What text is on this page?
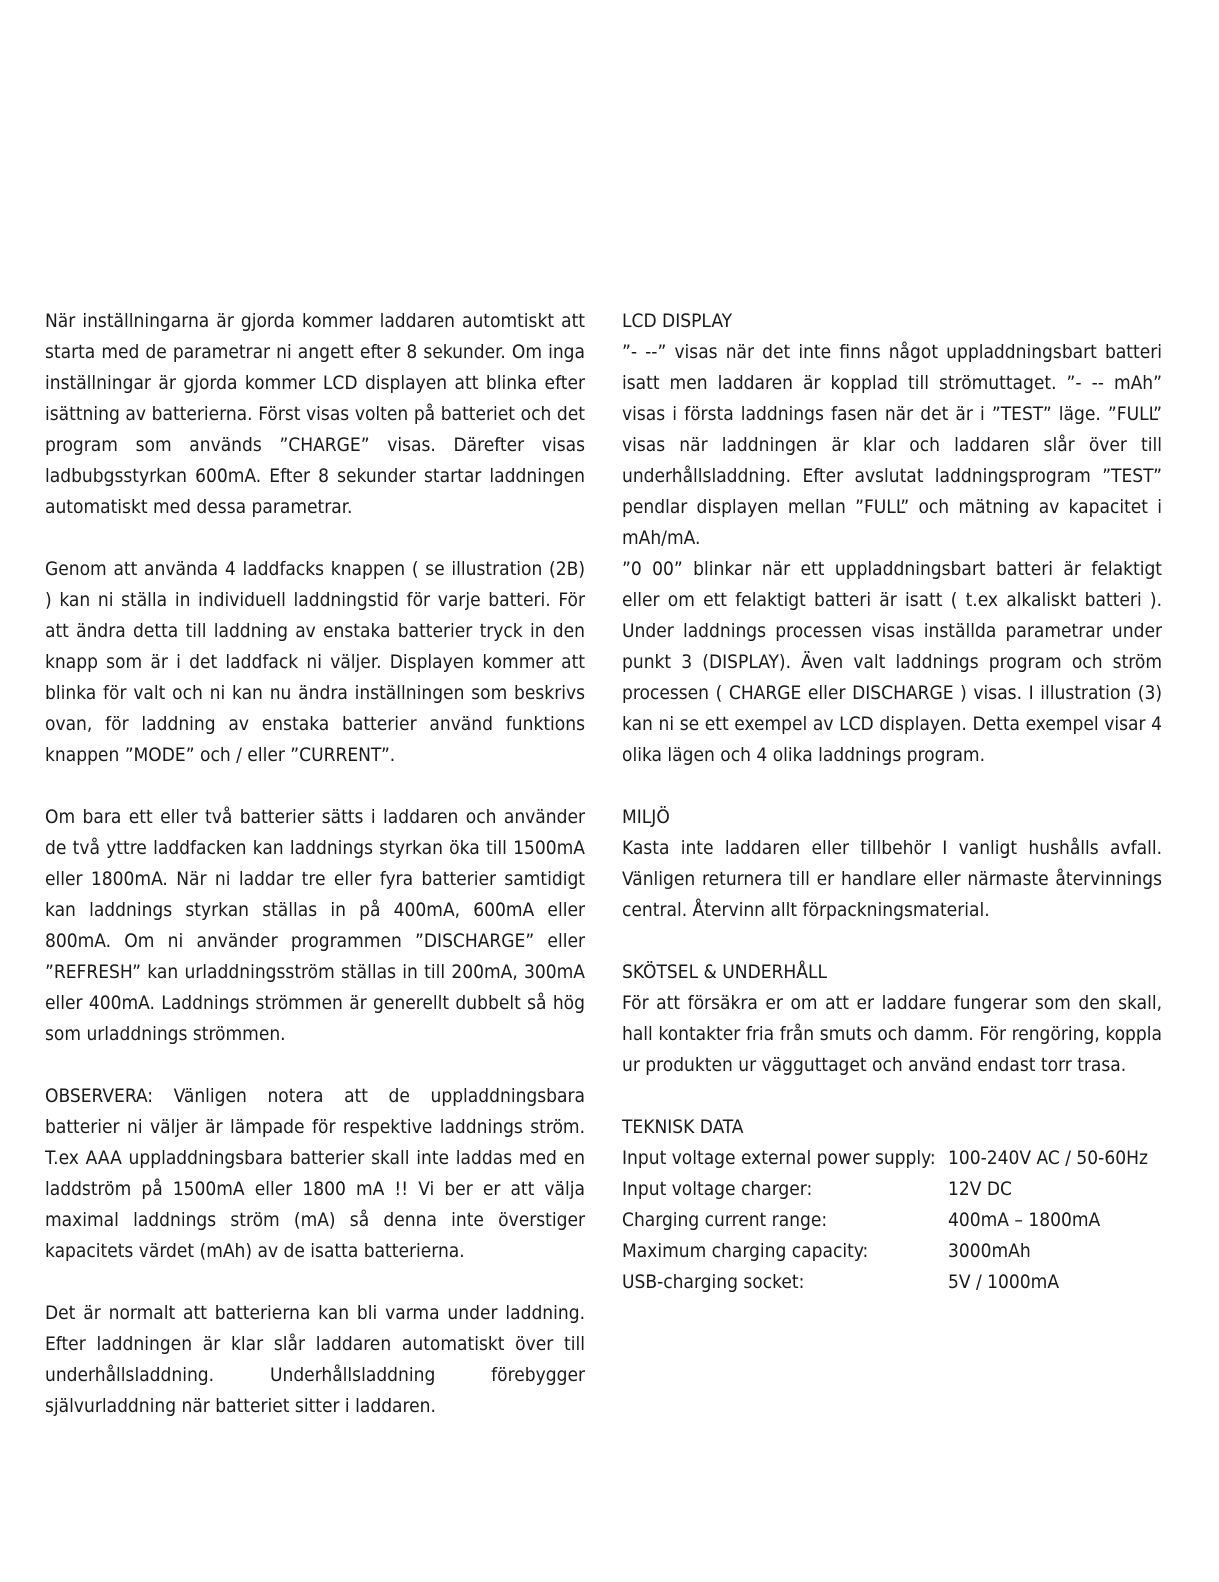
När inställningarna är gjorda kommer laddaren automtiskt att starta med de parametrar ni angett efter 8 sekunder. Om inga inställningar är gjorda kommer LCD displayen att blinka efter isättning av batterierna. Först visas volten på batteriet och det program som används ”CHARGE” visas. Därefter visas ladbubgsstyrkan 600mA. Efter 8 sekunder startar laddningen automatiskt med dessa parametrar.

Genom att använda 4 laddfacks knappen ( se illustration (2B) ) kan ni ställa in individuell laddningstid för varje batteri. För att ändra detta till laddning av enstaka batterier tryck in den knapp som är i det laddfack ni väljer. Displayen kommer att blinka för valt och ni kan nu ändra inställningen som beskrivs ovan, för laddning av enstaka batterier använd funktions knappen ”MODE” och / eller ”CURRENT”.

Om bara ett eller två batterier sätts i laddaren och använder de två yttre laddfacken kan laddnings styrkan öka till 1500mA eller 1800mA. När ni laddar tre eller fyra batterier samtidigt kan laddnings styrkan ställas in på 400mA, 600mA eller 800mA. Om ni använder programmen ”DISCHARGE” eller ”REFRESH” kan urladdningsström ställas in till 200mA, 300mA eller 400mA. Laddnings strömmen är generellt dubbelt så hög som urladdnings strömmen.

OBSERVERA: Vänligen notera att de uppladdningsbara batterier ni väljer är lämpade för respektive laddnings ström. T.ex AAA uppladdningsbara batterier skall inte laddas med en laddström på 1500mA eller 1800 mA !! Vi ber er att välja maximal laddnings ström (mA) så denna inte överstiger kapacitets värdet (mAh) av de isatta batterierna.

Det är normalt att batterierna kan bli varma under laddning. Efter laddningen är klar slår laddaren automatiskt över till underhållsladdning. Underhållsladdning förebygger självurladdning när batteriet sitter i laddaren.

LCD DISPLAY

”- --” visas när det inte finns något uppladdningsbart batteri isatt men laddaren är kopplad till strömuttaget. ”- -- mAh” visas i första laddnings fasen när det är i ”TEST” läge. ”FULL” visas när laddningen är klar och laddaren slår över till underhållsladdning. Efter avslutat laddningsprogram ”TEST” pendlar displayen mellan ”FULL” och mätning av kapacitet i mAh/mA.

”0 00” blinkar när ett uppladdningsbart batteri är felaktigt eller om ett felaktigt batteri är isatt ( t.ex alkaliskt batteri ). Under laddnings processen visas inställda parametrar under punkt 3 (DISPLAY). Även valt laddnings program och ström processen ( CHARGE eller DISCHARGE ) visas. I illustration (3) kan ni se ett exempel av LCD displayen. Detta exempel visar 4 olika lägen och 4 olika laddnings program.

MILJÖ

Kasta inte laddaren eller tillbehör I vanligt hushålls avfall. Vänligen returnera till er handlare eller närmaste återvinnings central. Återvinn allt förpackningsmaterial.

SKÖTSEL & UNDERHÅLL

För att försäkra er om att er laddare fungerar som den skall, hall kontakter fria från smuts och damm. För rengöring, koppla ur produkten ur vägguttaget och använd endast torr trasa.

TEKNISK DATA

Input voltage external power supply:	100-240V AC / 50-60Hz
Input voltage charger:	12V DC
Charging current range:	400mA – 1800mA
Maximum charging capacity:	3000mAh
USB-charging socket:	5V / 1000mA
